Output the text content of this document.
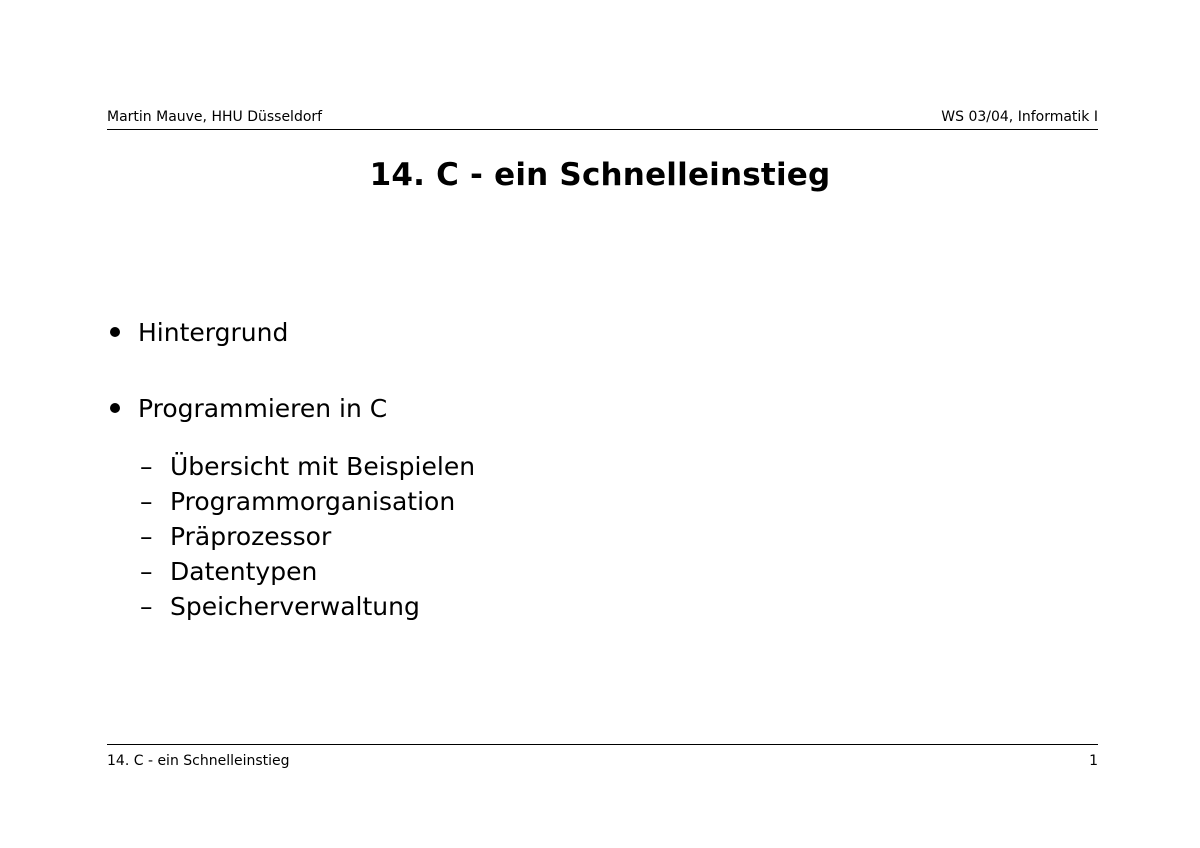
Martin Mauve, HHU Düsseldorf	WS 03/04, Informatik I
14. C - ein Schnelleinstieg
Hintergrund
Programmieren in C
– Übersicht mit Beispielen
– Programmorganisation
– Präprozessor
– Datentypen
– Speicherverwaltung
14. C - ein Schnelleinstieg	1
